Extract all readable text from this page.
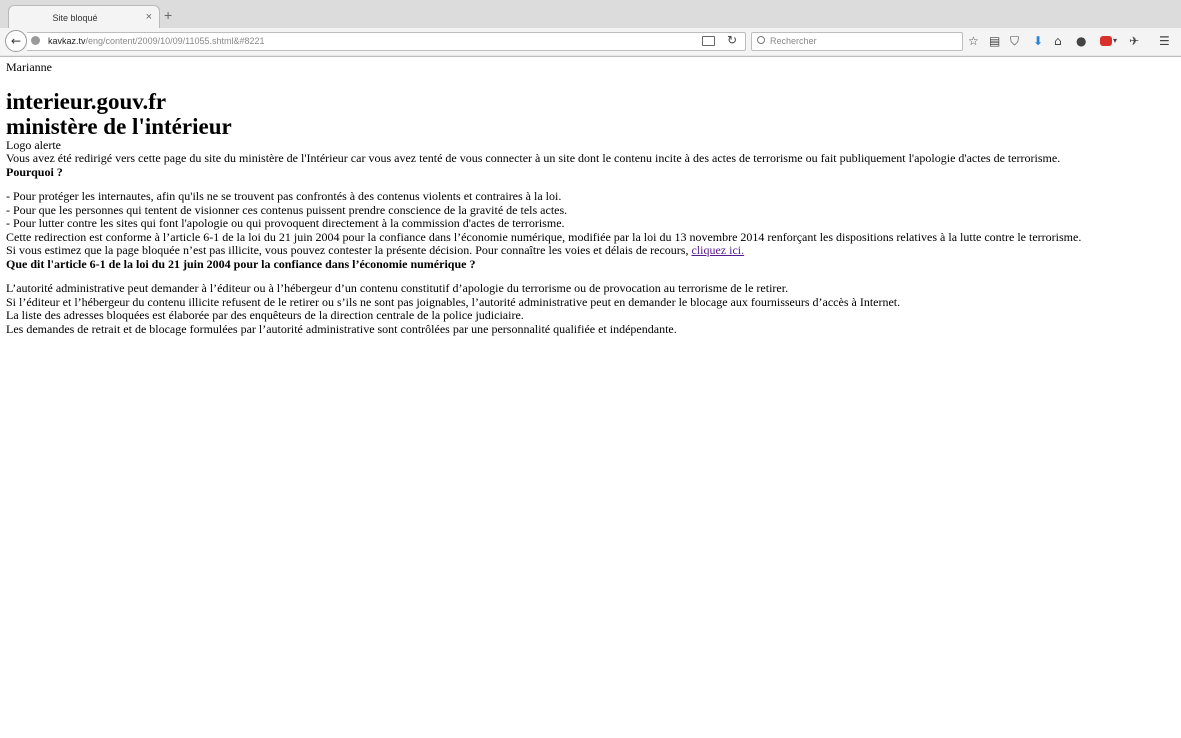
Site bloqué	× +
←	kavkaz.tv/eng/content/2009/10/09/11055.shtml&#8221	↻	Rechercher	☆ ▤ ⛉ ⬇ ⌂ ●	▾ ✈ ☰

Marianne

interieur.gouv.fr
ministère de l'intérieur

Logo alerte

Vous avez été redirigé vers cette page du site du ministère de l'Intérieur car vous avez tenté de vous connecter à un site dont le contenu incite à des actes de terrorisme ou fait publiquement l'apologie d'actes de terrorisme.

Pourquoi ?

- Pour protéger les internautes, afin qu'ils ne se trouvent pas confrontés à des contenus violents et contraires à la loi.
- Pour que les personnes qui tentent de visionner ces contenus puissent prendre conscience de la gravité de tels actes.
- Pour lutter contre les sites qui font l'apologie ou qui provoquent directement à la commission d'actes de terrorisme.

Cette redirection est conforme à l’article 6-1 de la loi du 21 juin 2004 pour la confiance dans l’économie numérique, modifiée par la loi du 13 novembre 2014 renforçant les dispositions relatives à la lutte contre le terrorisme.

Si vous estimez que la page bloquée n’est pas illicite, vous pouvez contester la présente décision. Pour connaître les voies et délais de recours, cliquez ici.

Que dit l'article 6-1 de la loi du 21 juin 2004 pour la confiance dans l’économie numérique ?

L’autorité administrative peut demander à l’éditeur ou à l’hébergeur d’un contenu constitutif d’apologie du terrorisme ou de provocation au terrorisme de le retirer.
Si l’éditeur et l’hébergeur du contenu illicite refusent de le retirer ou s’ils ne sont pas joignables, l’autorité administrative peut en demander le blocage aux fournisseurs d’accès à Internet.
La liste des adresses bloquées est élaborée par des enquêteurs de la direction centrale de la police judiciaire.
Les demandes de retrait et de blocage formulées par l’autorité administrative sont contrôlées par une personnalité qualifiée et indépendante.
